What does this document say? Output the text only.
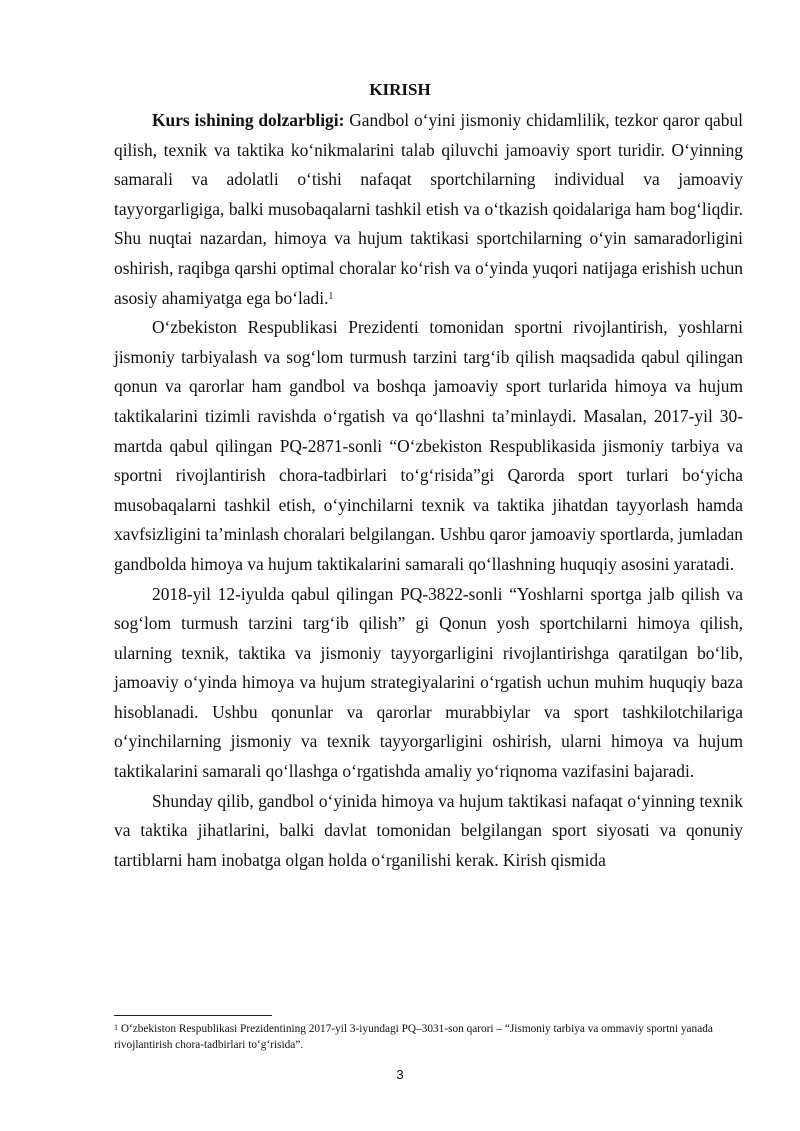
KIRISH

Kurs ishining dolzarbligi: Gandbol o‘yini jismoniy chidamlilik, tezkor qaror qabul qilish, texnik va taktika ko‘nikmalarini talab qiluvchi jamoaviy sport turidir. O‘yinning samarali va adolatli o‘tishi nafaqat sportchilarning individual va jamoaviy tayyorgarligiga, balki musobaqalarni tashkil etish va o‘tkazish qoidalariga ham bog‘liqdir. Shu nuqtai nazardan, himoya va hujum taktikasi sportchilarning o‘yin samaradorligini oshirish, raqibga qarshi optimal choralar ko‘rish va o‘yinda yuqori natijaga erishish uchun asosiy ahamiyatga ega bo‘ladi.$^1$

O‘zbekiston Respublikasi Prezidenti tomonidan sportni rivojlantirish, yoshlarni jismoniy tarbiyalash va sog‘lom turmush tarzini targ‘ib qilish maqsadida qabul qilingan qonun va qarorlar ham gandbol va boshqa jamoaviy sport turlarida himoya va hujum taktikalarini tizimli ravishda o‘rgatish va qo‘llashni ta’minlaydi. Masalan, 2017-yil 30-martda qabul qilingan PQ-2871-sonli “O‘zbekiston Respublikasida jismoniy tarbiya va sportni rivojlantirish chora-tadbirlari to‘g‘risida”gi Qarorda sport turlari bo‘yicha musobaqalarni tashkil etish, o‘yinchilarni texnik va taktika jihatdan tayyorlash hamda xavfsizligini ta’minlash choralari belgilangan. Ushbu qaror jamoaviy sportlarda, jumladan gandbolda himoya va hujum taktikalarini samarali qo‘llashning huquqiy asosini yaratadi.

2018-yil 12-iyulda qabul qilingan PQ-3822-sonli “Yoshlarni sportga jalb qilish va sog‘lom turmush tarzini targ‘ib qilish” gi Qonun yosh sportchilarni himoya qilish, ularning texnik, taktika va jismoniy tayyorgarligini rivojlantirishga qaratilgan bo‘lib, jamoaviy o‘yinda himoya va hujum strategiyalarini o‘rgatish uchun muhim huquqiy baza hisoblanadi. Ushbu qonunlar va qarorlar murabbiylar va sport tashkilotchilariga o‘yinchilarning jismoniy va texnik tayyorgarligini oshirish, ularni himoya va hujum taktikalarini samarali qo‘llashga o‘rgatishda amaliy yo‘riqnoma vazifasini bajaradi.

Shunday qilib, gandbol o‘yinida himoya va hujum taktikasi nafaqat o‘yinning texnik va taktika jihatlarini, balki davlat tomonidan belgilangan sport siyosati va qonuniy tartiblarni ham inobatga olgan holda o‘rganilishi kerak. Kirish qismida

$^1$ O‘zbekiston Respublikasi Prezidentining 2017-yil 3-iyundagi PQ–3031-son qarori – “Jismoniy tarbiya va ommaviy sportni yanada rivojlantirish chora-tadbirlari to‘g‘risida”.

3
